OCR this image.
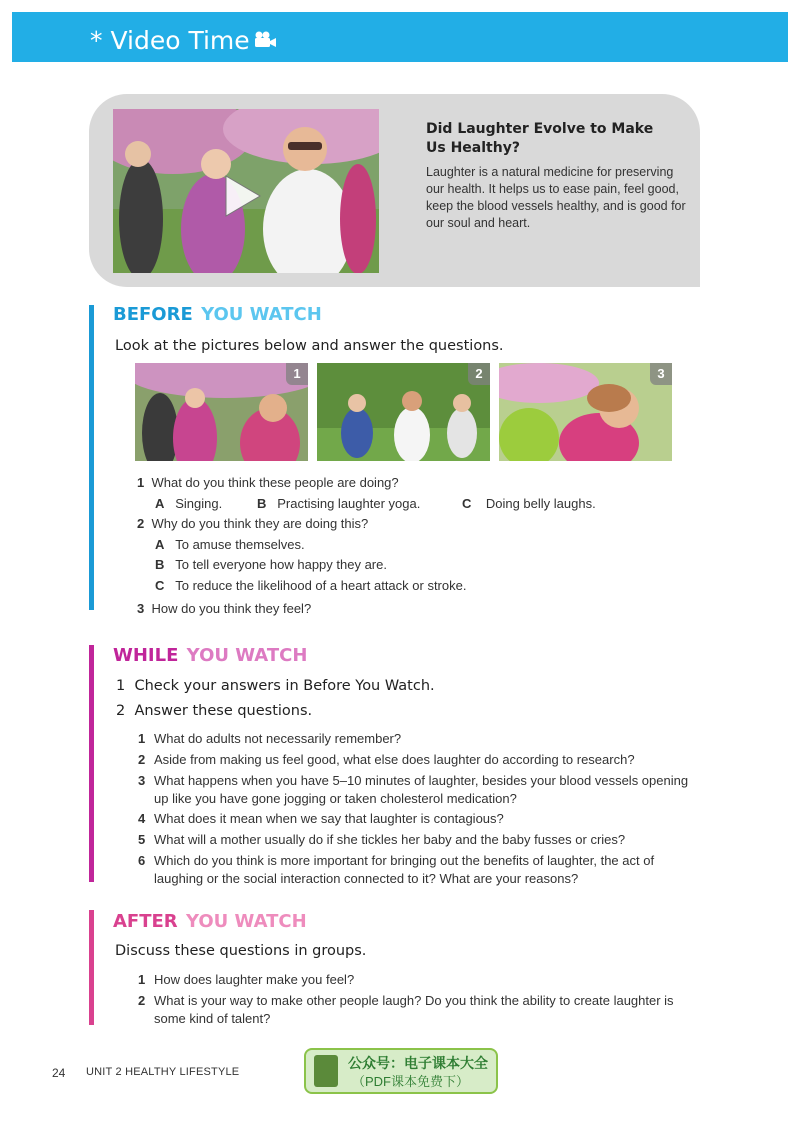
* Video Time
Did Laughter Evolve to Make Us Healthy?
Laughter is a natural medicine for preserving our health. It helps us to ease pain, feel good, keep the blood vessels healthy, and is good for our soul and heart.
BEFORE YOU WATCH
Look at the pictures below and answer the questions.
1	2	3
1 What do you think these people are doing?
A Singing.	B Practising laughter yoga.	C Doing belly laughs.
2 Why do you think they are doing this?
A To amuse themselves.
B To tell everyone how happy they are.
C To reduce the likelihood of a heart attack or stroke.
3 How do you think they feel?
WHILE YOU WATCH
1 Check your answers in Before You Watch.
2 Answer these questions.
1 What do adults not necessarily remember?
2 Aside from making us feel good, what else does laughter do according to research?
3 What happens when you have 5–10 minutes of laughter, besides your blood vessels opening up like you have gone jogging or taken cholesterol medication?
4 What does it mean when we say that laughter is contagious?
5 What will a mother usually do if she tickles her baby and the baby fusses or cries?
6 Which do you think is more important for bringing out the benefits of laughter, the act of laughing or the social interaction connected to it? What are your reasons?
AFTER YOU WATCH
Discuss these questions in groups.
1 How does laughter make you feel?
2 What is your way to make other people laugh? Do you think the ability to create laughter is some kind of talent?
24 UNIT 2 HEALTHY LIFESTYLE
公众号：电子课本大全
（PDF课本免费下）
